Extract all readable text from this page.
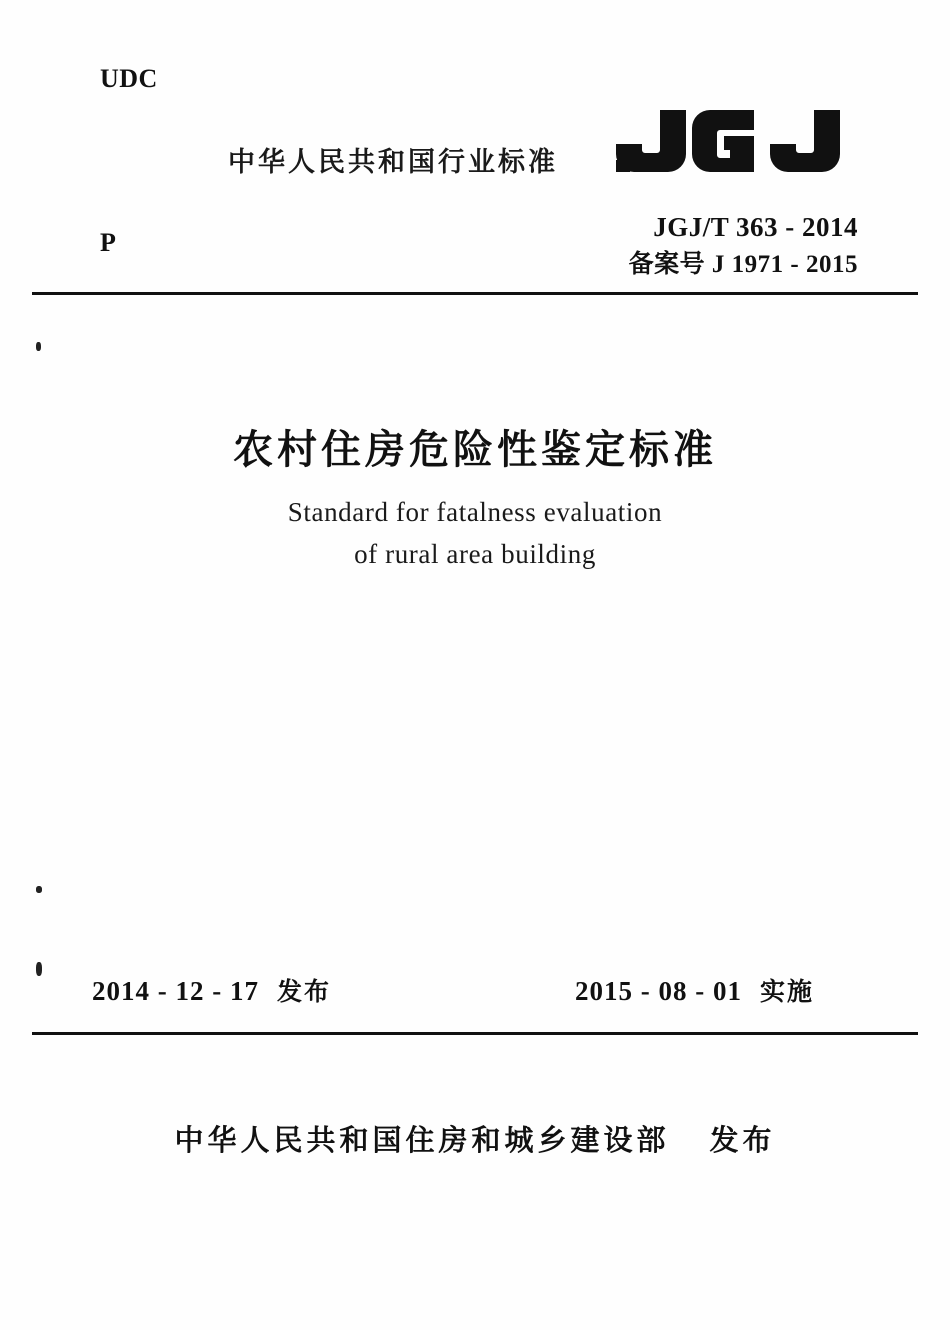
UDC
中华人民共和国行业标准
P
JGJ/T 363 - 2014
备案号 J 1971 - 2015
农村住房危险性鉴定标准
Standard for fatalness evaluation
of rural area building
2014 - 12 - 17 发布	2015 - 08 - 01 实施
中华人民共和国住房和城乡建设部 发布
